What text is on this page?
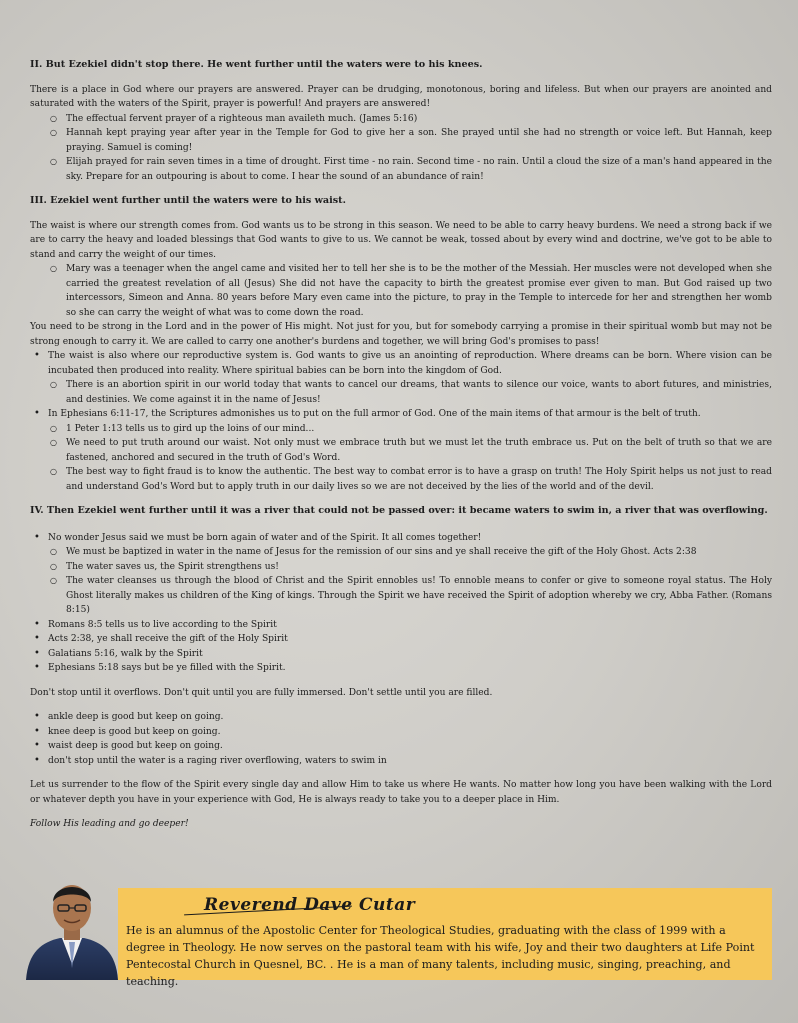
II. But Ezekiel didn't stop there. He went further until the waters were to his knees.

There is a place in God where our prayers are answered. Prayer can be drudging, monotonous, boring and lifeless. But when our prayers are anointed and saturated with the waters of the Spirit, prayer is powerful! And prayers are answered!

○ The effectual fervent prayer of a righteous man availeth much. (James 5:16)
○ Hannah kept praying year after year in the Temple for God to give her a son. She prayed until she had no strength or voice left. But Hannah, keep praying. Samuel is coming!
○ Elijah prayed for rain seven times in a time of drought. First time - no rain. Second time - no rain. Until a cloud the size of a man's hand appeared in the sky. Prepare for an outpouring is about to come. I hear the sound of an abundance of rain!
III. Ezekiel went further until the waters were to his waist.

The waist is where our strength comes from. God wants us to be strong in this season. We need to be able to carry heavy burdens. We need a strong back if we are to carry the heavy and loaded blessings that God wants to give to us. We cannot be weak, tossed about by every wind and doctrine, we've got to be able to stand and carry the weight of our times.

○ Mary was a teenager when the angel came and visited her to tell her she is to be the mother of the Messiah. Her muscles were not developed when she carried the greatest revelation of all (Jesus) She did not have the capacity to birth the greatest promise ever given to man. But God raised up two intercessors, Simeon and Anna. 80 years before Mary even came into the picture, to pray in the Temple to intercede for her and strengthen her womb so she can carry the weight of what was to come down the road.

You need to be strong in the Lord and in the power of His might. Not just for you, but for somebody carrying a promise in their spiritual womb but may not be strong enough to carry it. We are called to carry one another's burdens and together, we will bring God's promises to pass!

• The waist is also where our reproductive system is. God wants to give us an anointing of reproduction. Where dreams can be born. Where vision can be incubated then produced into reality. Where spiritual babies can be born into the kingdom of God.
○ There is an abortion spirit in our world today that wants to cancel our dreams, that wants to silence our voice, wants to abort futures, and ministries, and destinies. We come against it in the name of Jesus!
• In Ephesians 6:11-17, the Scriptures admonishes us to put on the full armor of God. One of the main items of that armour is the belt of truth.
○ 1 Peter 1:13 tells us to gird up the loins of our mind...
○ We need to put truth around our waist. Not only must we embrace truth but we must let the truth embrace us. Put on the belt of truth so that we are fastened, anchored and secured in the truth of God's Word.
○ The best way to fight fraud is to know the authentic. The best way to combat error is to have a grasp on truth! The Holy Spirit helps us not just to read and understand God's Word but to apply truth in our daily lives so we are not deceived by the lies of the world and of the devil.
IV. Then Ezekiel went further until it was a river that could not be passed over: it became waters to swim in, a river that was overflowing.
• No wonder Jesus said we must be born again of water and of the Spirit. It all comes together!
○ We must be baptized in water in the name of Jesus for the remission of our sins and ye shall receive the gift of the Holy Ghost. Acts 2:38
○ The water saves us, the Spirit strengthens us!
○ The water cleanses us through the blood of Christ and the Spirit ennobles us! To ennoble means to confer or give to someone royal status. The Holy Ghost literally makes us children of the King of kings. Through the Spirit we have received the Spirit of adoption whereby we cry, Abba Father. (Romans 8:15)
• Romans 8:5 tells us to live according to the Spirit
• Acts 2:38, ye shall receive the gift of the Holy Spirit
• Galatians 5:16, walk by the Spirit
• Ephesians 5:18 says but be ye filled with the Spirit.

Don't stop until it overflows. Don't quit until you are fully immersed. Don't settle until you are filled.

• ankle deep is good but keep on going.
• knee deep is good but keep on going.
• waist deep is good but keep on going.
• don't stop until the water is a raging river overflowing, waters to swim in

Let us surrender to the flow of the Spirit every single day and allow Him to take us where He wants. No matter how long you have been walking with the Lord or whatever depth you have in your experience with God, He is always ready to take you to a deeper place in Him.

Follow His leading and go deeper!

Reverend Dave Cutar
He is an alumnus of the Apostolic Center for Theological Studies, graduating with the class of 1999 with a degree in Theology. He now serves on the pastoral team with his wife, Joy and their two daughters at Life Point Pentecostal Church in Quesnel, BC. . He is a man of many talents, including music, singing, preaching, and teaching.
